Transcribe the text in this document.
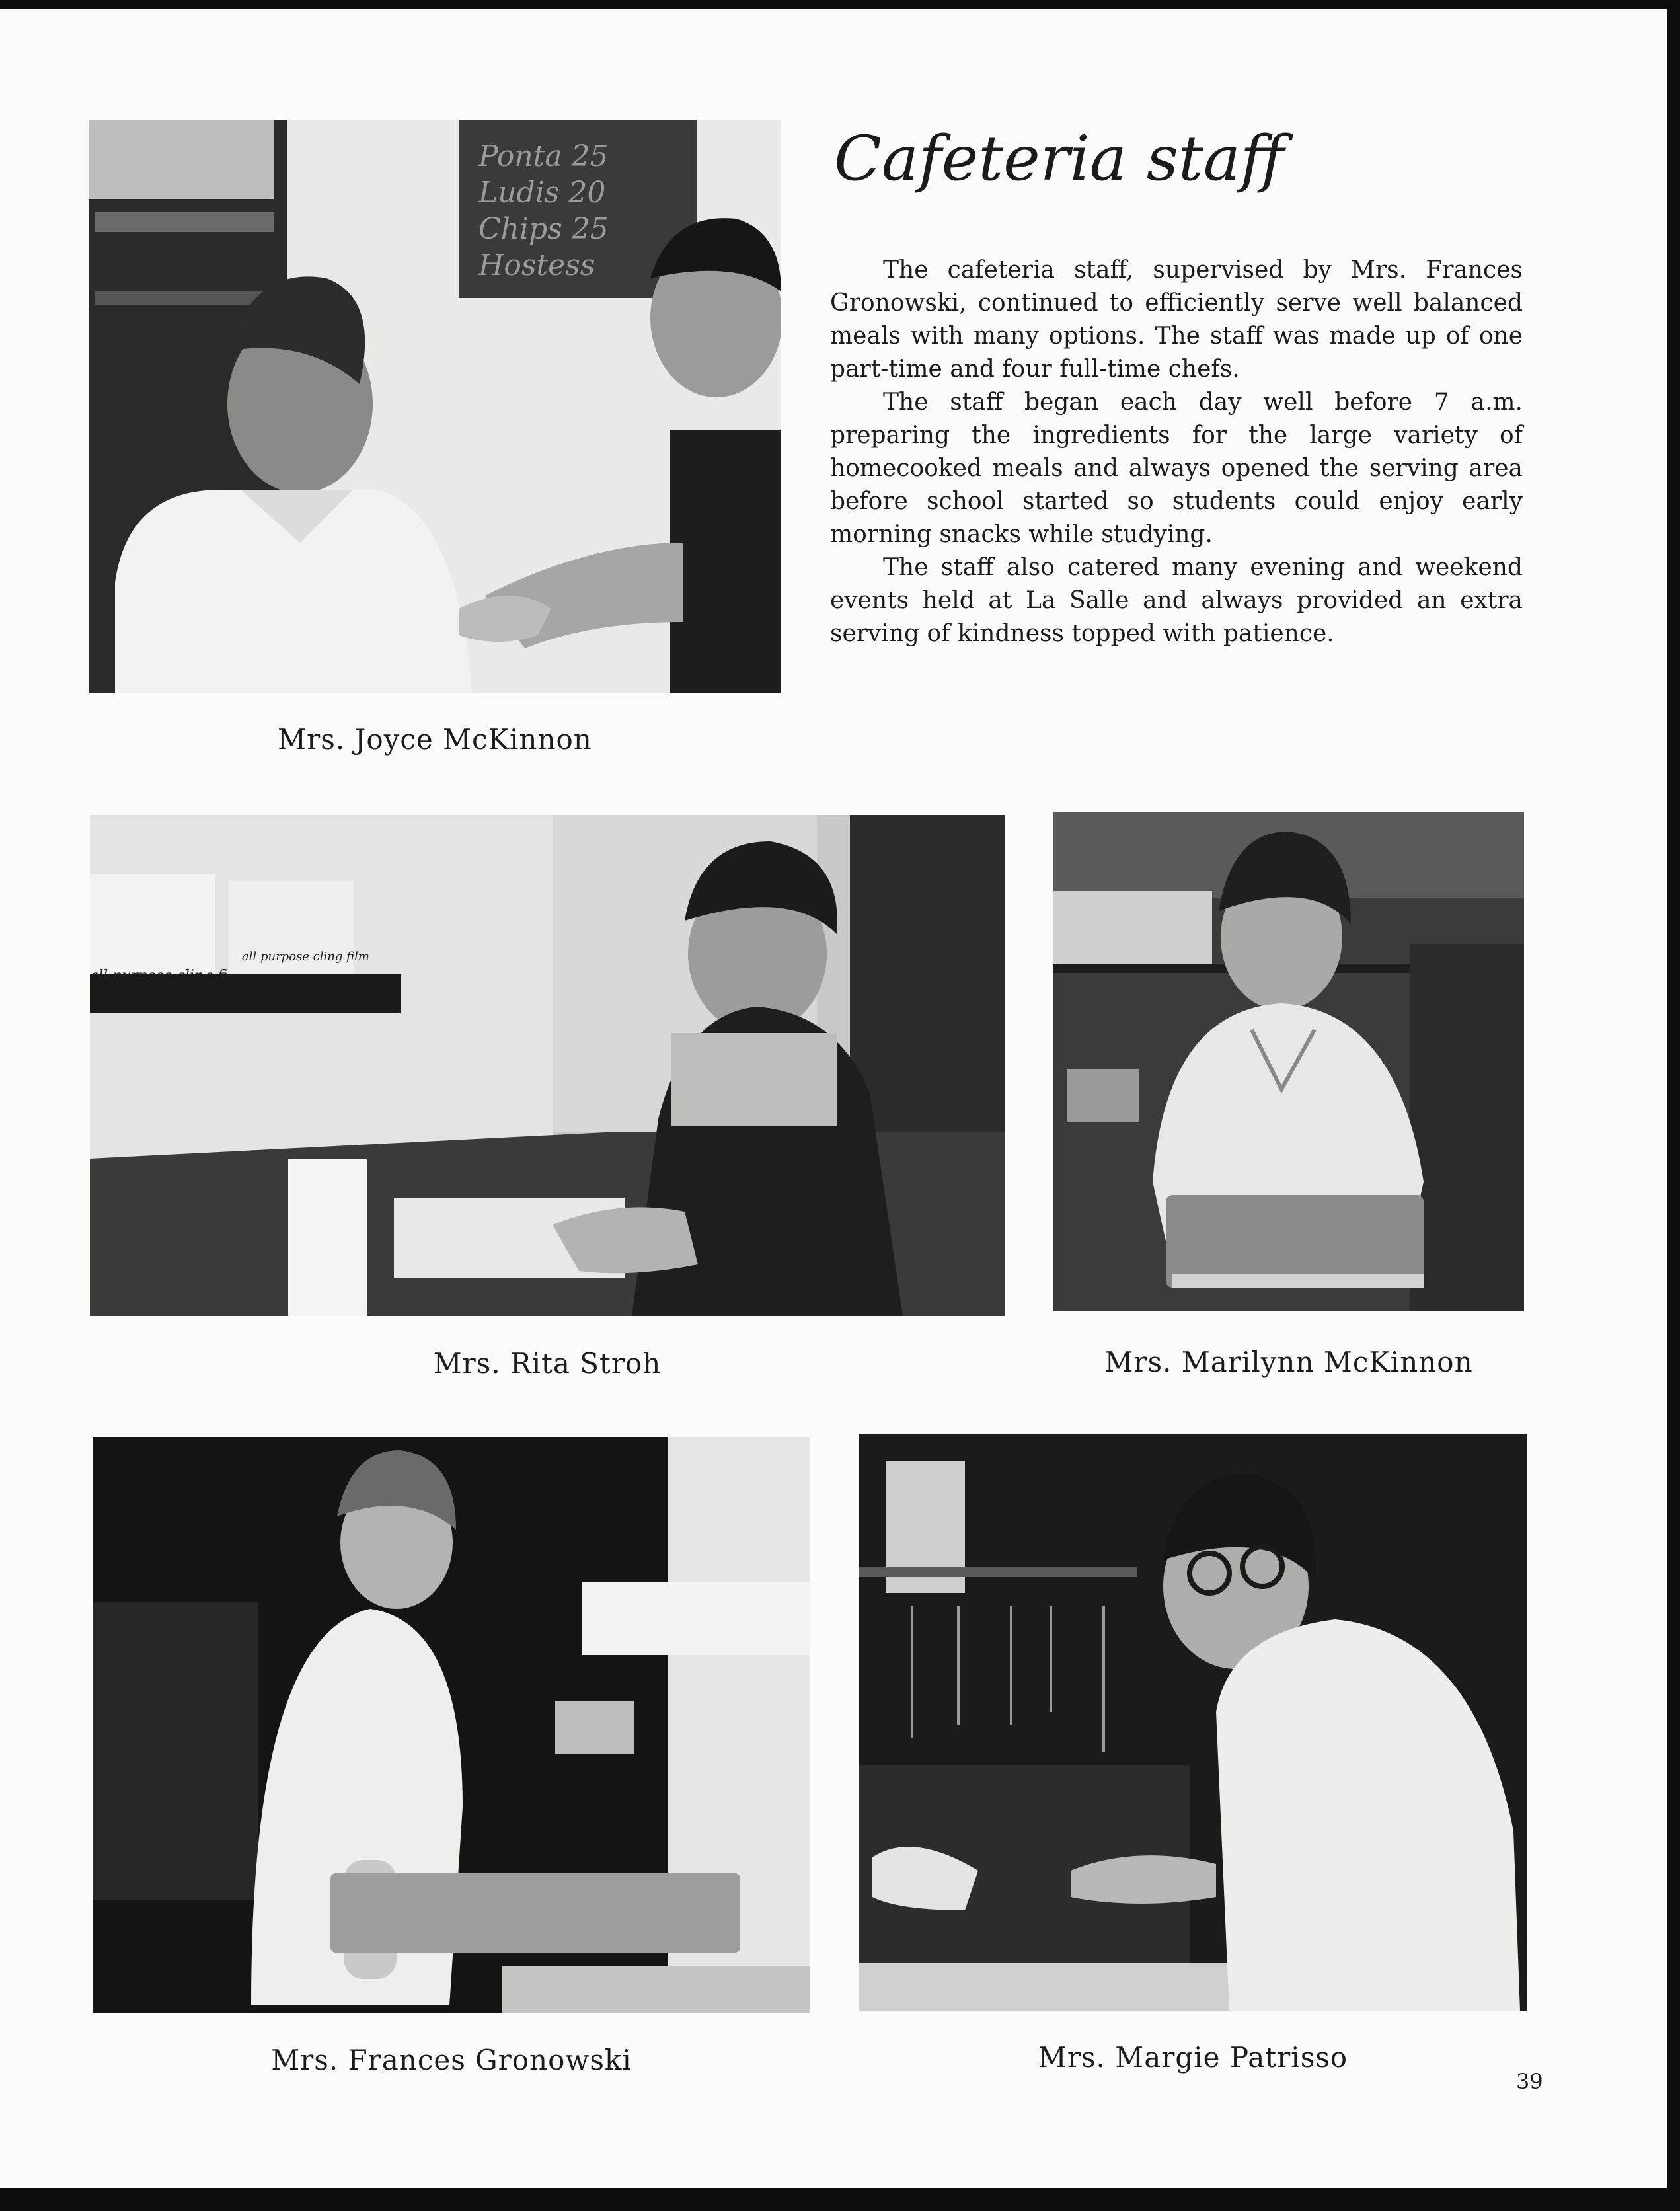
Ponta 25
Ludis 20
Chips 25
Hostess
Mrs. Joyce McKinnon
Cafeteria staff

The cafeteria staff, supervised by Mrs. Frances Gronowski, continued to efficiently serve well balanced meals with many options. The staff was made up of one part-time and four full-time chefs.

The staff began each day well before 7 a.m. preparing the ingredients for the large variety of homecooked meals and always opened the serving area before school started so students could enjoy early morning snacks while studying.

The staff also catered many evening and weekend events held at La Salle and always provided an extra serving of kindness topped with patience.

all purpose cling film
Mrs. Rita Stroh	Mrs. Marilynn McKinnon
Mrs. Frances Gronowski	Mrs. Margie Patrisso
39
